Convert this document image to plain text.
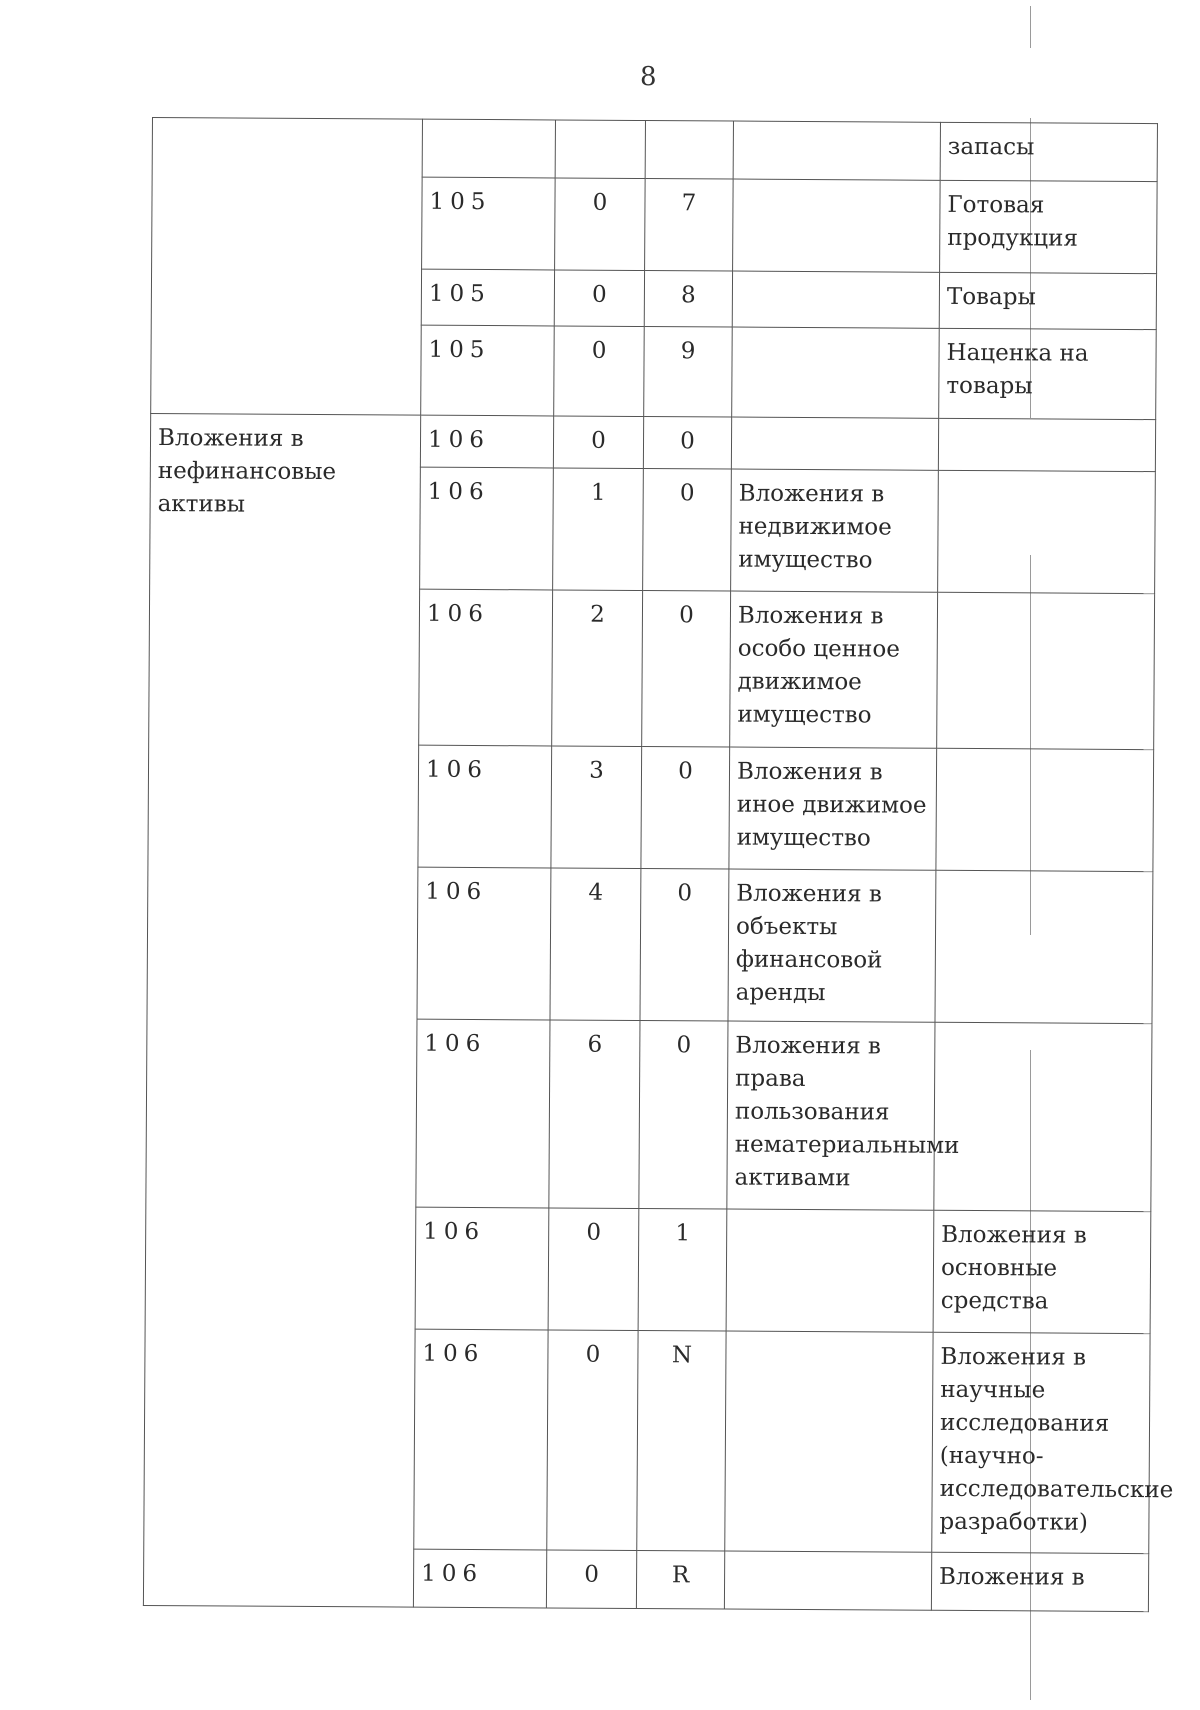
8
					запасы
	105	0	7		Готовая продукция
	105	0	8		Товары
	105	0	9		Наценка на товары
Вложения в нефинансовые активы	106	0	0		
	106	1	0	Вложения в недвижимое имущество	
	106	2	0	Вложения в особо ценное движимое имущество	
	106	3	0	Вложения в иное движимое имущество	
	106	4	0	Вложения в объекты финансовой аренды	
	106	6	0	Вложения в права пользования нематериальными активами	
	106	0	1		Вложения в основные средства
	106	0	N		Вложения в научные исследования (научно-исследовательские разработки)
	106	0	R		Вложения в
